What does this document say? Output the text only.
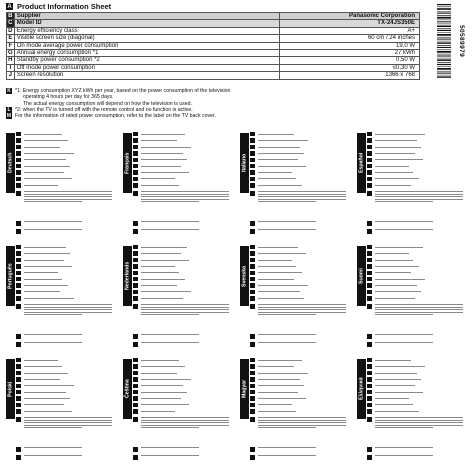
A Product Information Sheet
B	Supplier	Panasonic Corporation
C	Model ID	TX-24JS350E
D	Energy efficiency class	A+
E	Visible screen size (diagonal)	60 cm / 24 inches
F	On mode average power consumption	19,0 W
G	Annual energy consumption *1	27 kWh
H	Standby power consumption *2	0,50 W
I	Off mode power consumption	≤0,30 W
J	Screen resolution	1366 x 768
K *1: Energy consumption XYZ kWh per year, based on the power consumption of the television
operating 4 hours per day for 365 days.
The actual energy consumption will depend on how the television is used.
L *2: when the TV is turned off with the remote control and no function is active.
M For the information of rated power consumption, refer to the label on the TV back cover.
50589979
Deutsch	Français	Italiano	Español
Português	Nederlands	Svenska	Suomi
Polski	Čeština	Magyar	Ελληνικά
